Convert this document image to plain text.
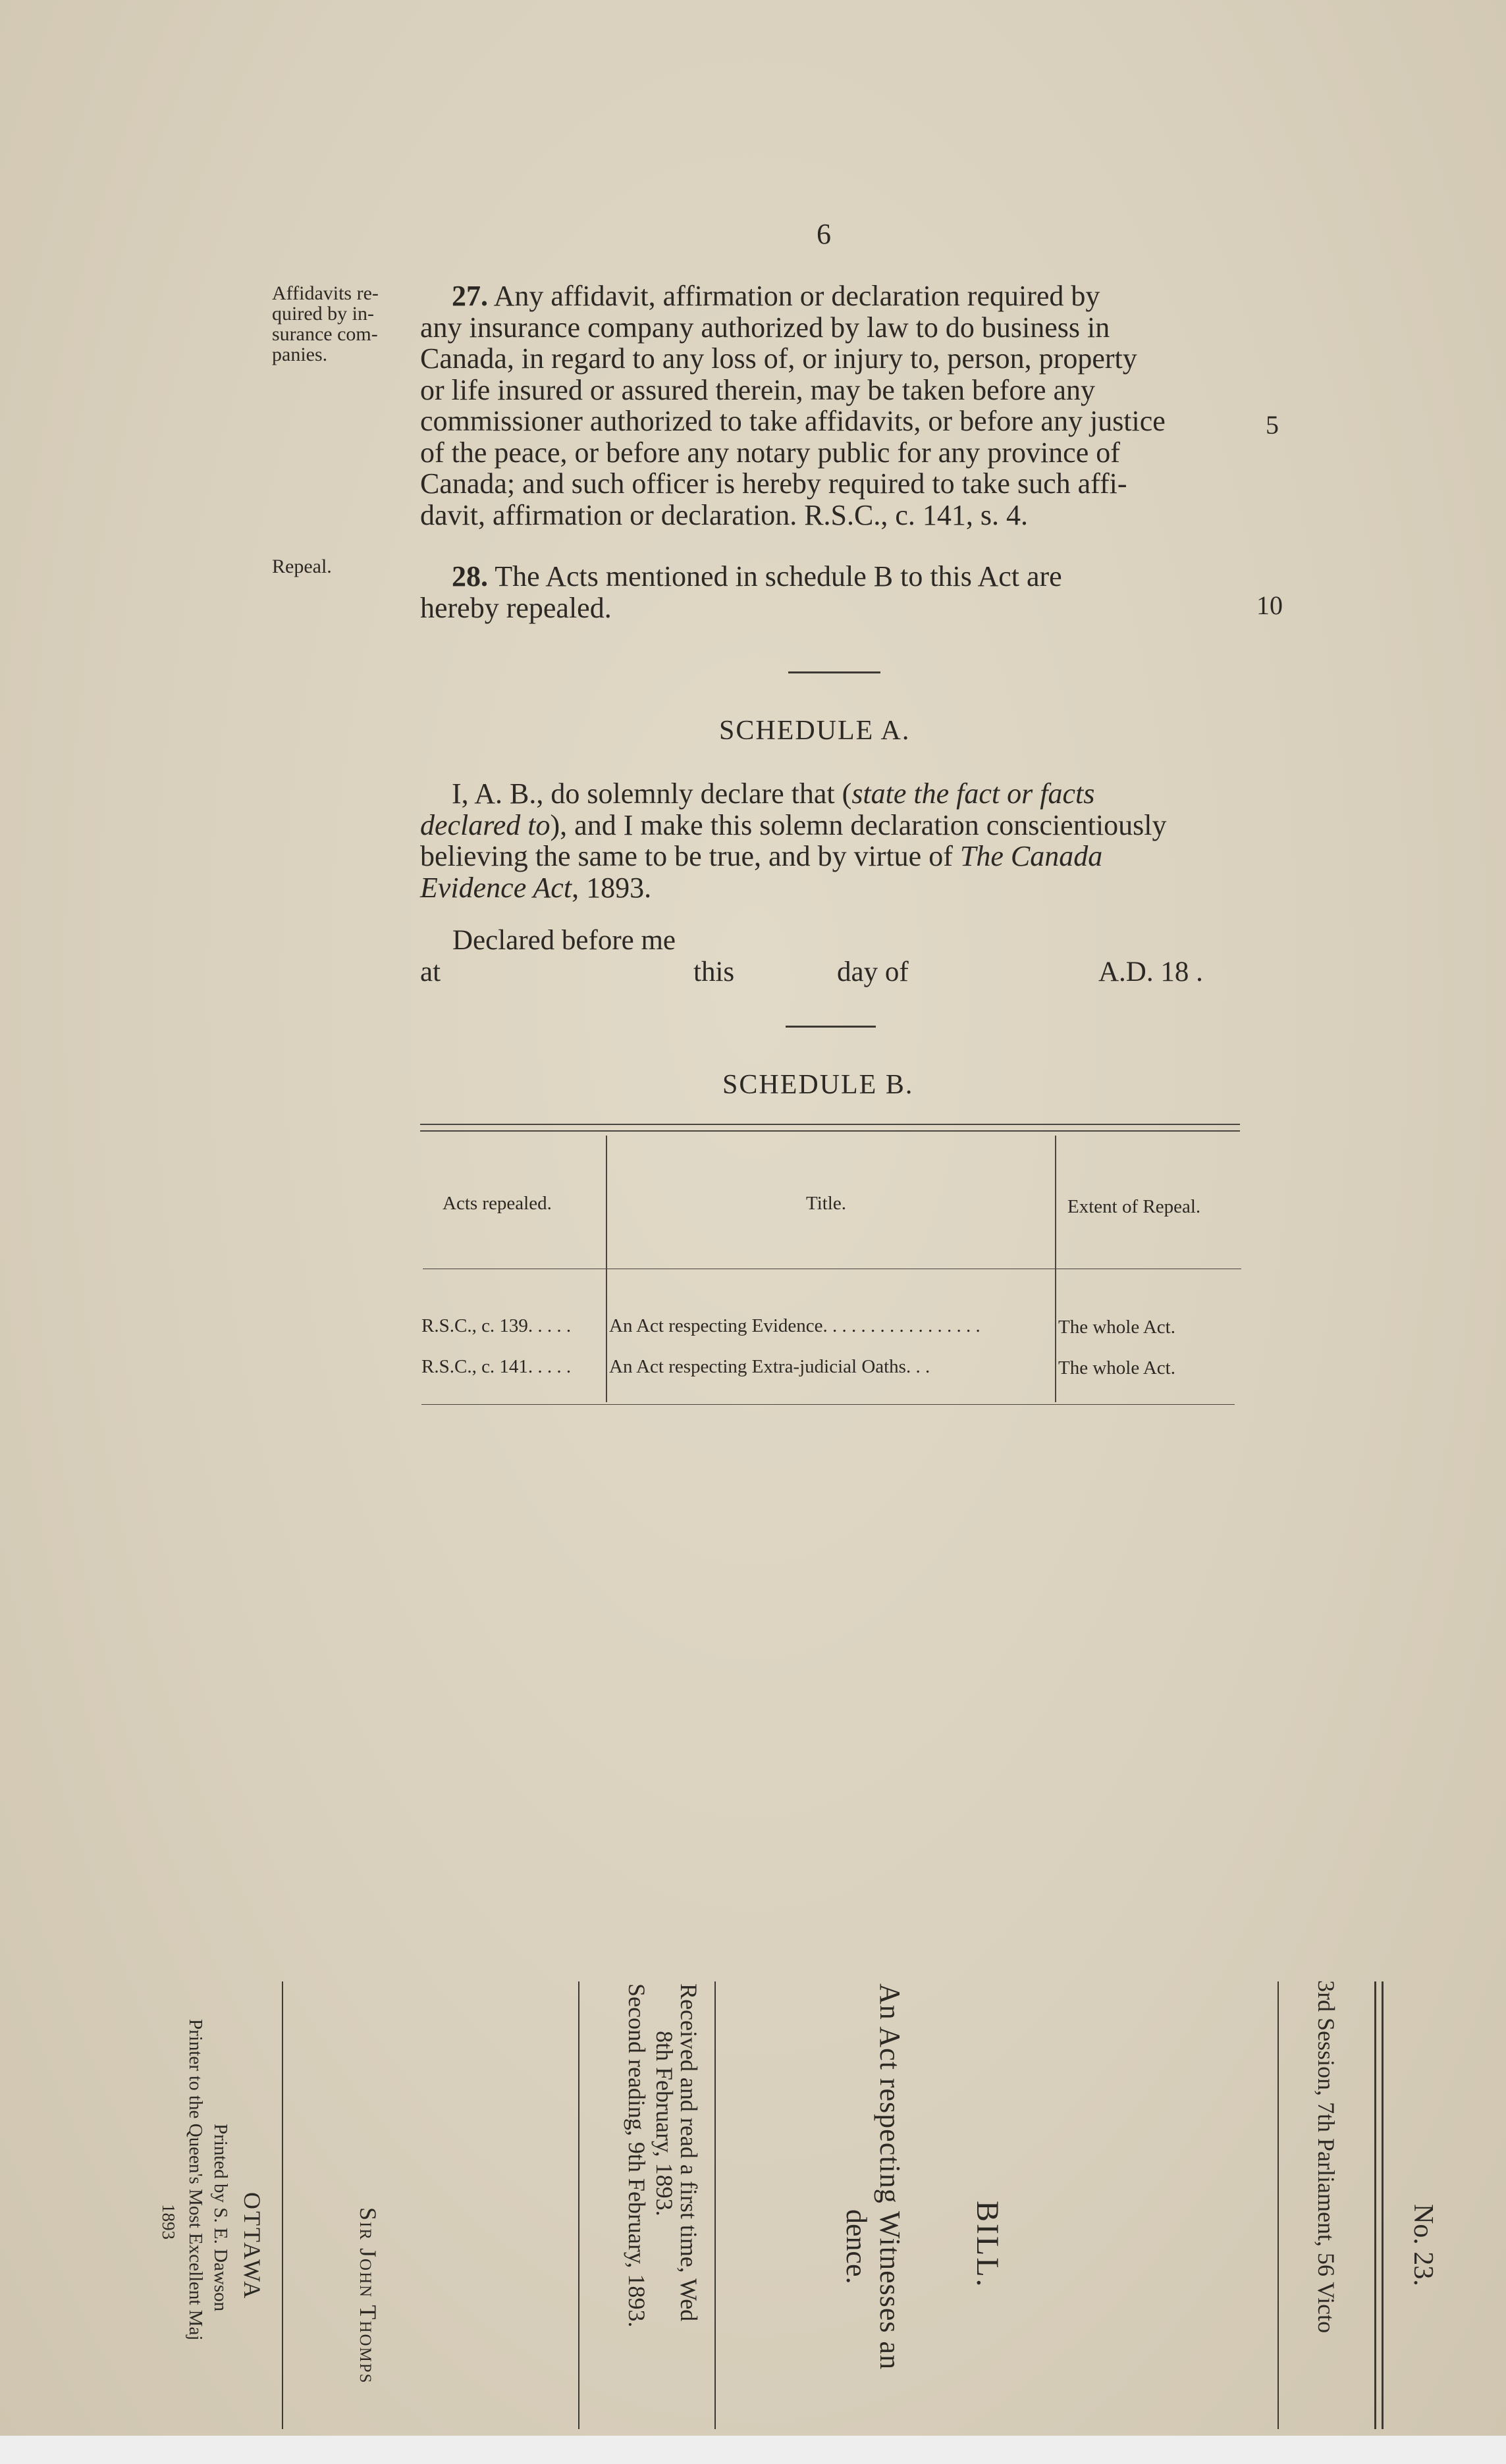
6
Affidavits re-
quired by in-
surance com-
panies.
27. Any affidavit, affirmation or declaration required by
any insurance company authorized by law to do business in
Canada, in regard to any loss of, or injury to, person, property
or life insured or assured therein, may be taken before any
commissioner authorized to take affidavits, or before any justice
of the peace, or before any notary public for any province of
Canada; and such officer is hereby required to take such affi-
davit, affirmation or declaration. R.S.C., c. 141, s. 4.
5
Repeal.	28. The Acts mentioned in schedule B to this Act are
hereby repealed.	10
SCHEDULE A.
I, A. B., do solemnly declare that (state the fact or facts
declared to), and I make this solemn declaration conscientiously
believing the same to be true, and by virtue of The Canada
Evidence Act, 1893.
Declared before me
at	this	day of	A.D. 18 .
SCHEDULE B.
Acts repealed.	Title.	Extent of Repeal.
R.S.C., c. 139. . . . . An Act respecting Evidence. . . . . . . . . . . . . . . . .	The whole Act.
R.S.C., c. 141. . . . . An Act respecting Extra-judicial Oaths. . .	The whole Act.
No. 23.
3rd Session, 7th Parliament, 56 Victo
BILL.
An Act respecting Witnesses an
dence.
Received and read a first time, Wed
8th February, 1893.
Second reading, 9th February, 1893.
Sir John Thomps
OTTAWA
Printed by S. E. Dawson
Printer to the Queen's Most Excellent Maj
1893
